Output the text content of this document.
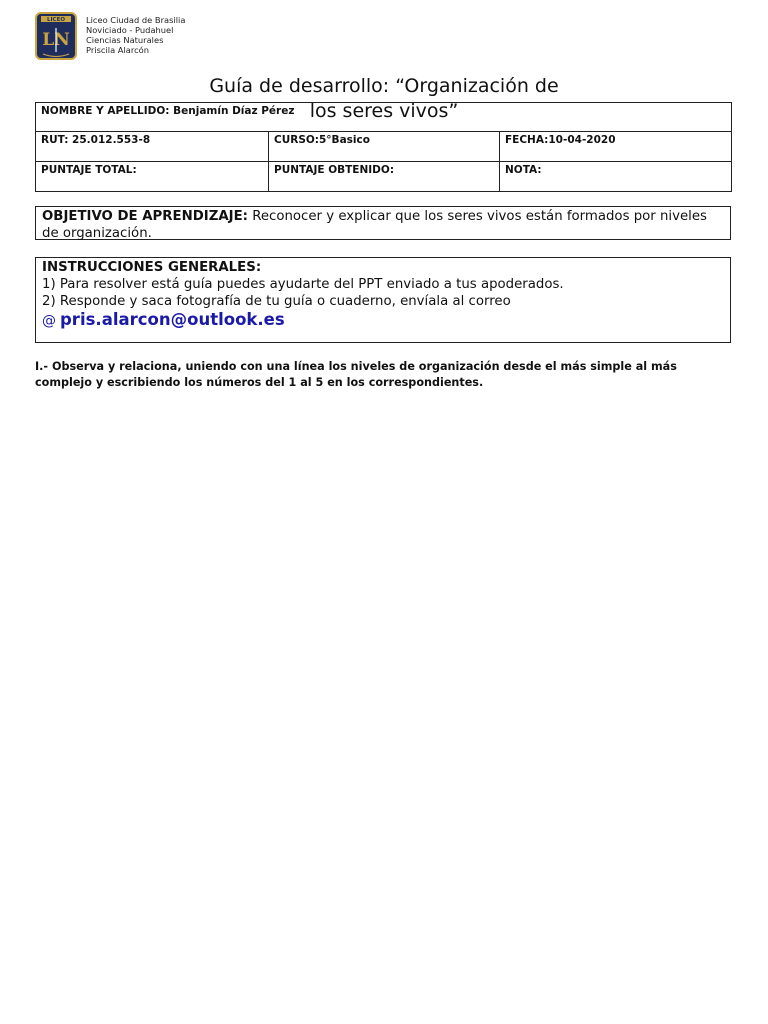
LICEO
LN
Liceo Ciudad de Brasilia
Noviciado - Pudahuel
Ciencias Naturales
Priscila Alarcón
Guía de desarrollo: “Organización de
los seres vivos”
NOMBRE Y APELLIDO: Benjamín Díaz Pérez		
RUT: 25.012.553-8	CURSO:5°Basico	FECHA:10-04-2020
PUNTAJE TOTAL:	PUNTAJE OBTENIDO:	NOTA:
OBJETIVO DE APRENDIZAJE: Reconocer y explicar que los seres vivos están formados por niveles de organización.
INSTRUCCIONES GENERALES:
1) Para resolver está guía puedes ayudarte del PPT enviado a tus apoderados.
2) Responde y saca fotografía de tu guía o cuaderno, envíala al correo
@ pris.alarcon@outlook.es
I.- Observa y relaciona, uniendo con una línea los niveles de organización desde el más simple al más complejo y escribiendo los números del 1 al 5 en los correspondientes.
